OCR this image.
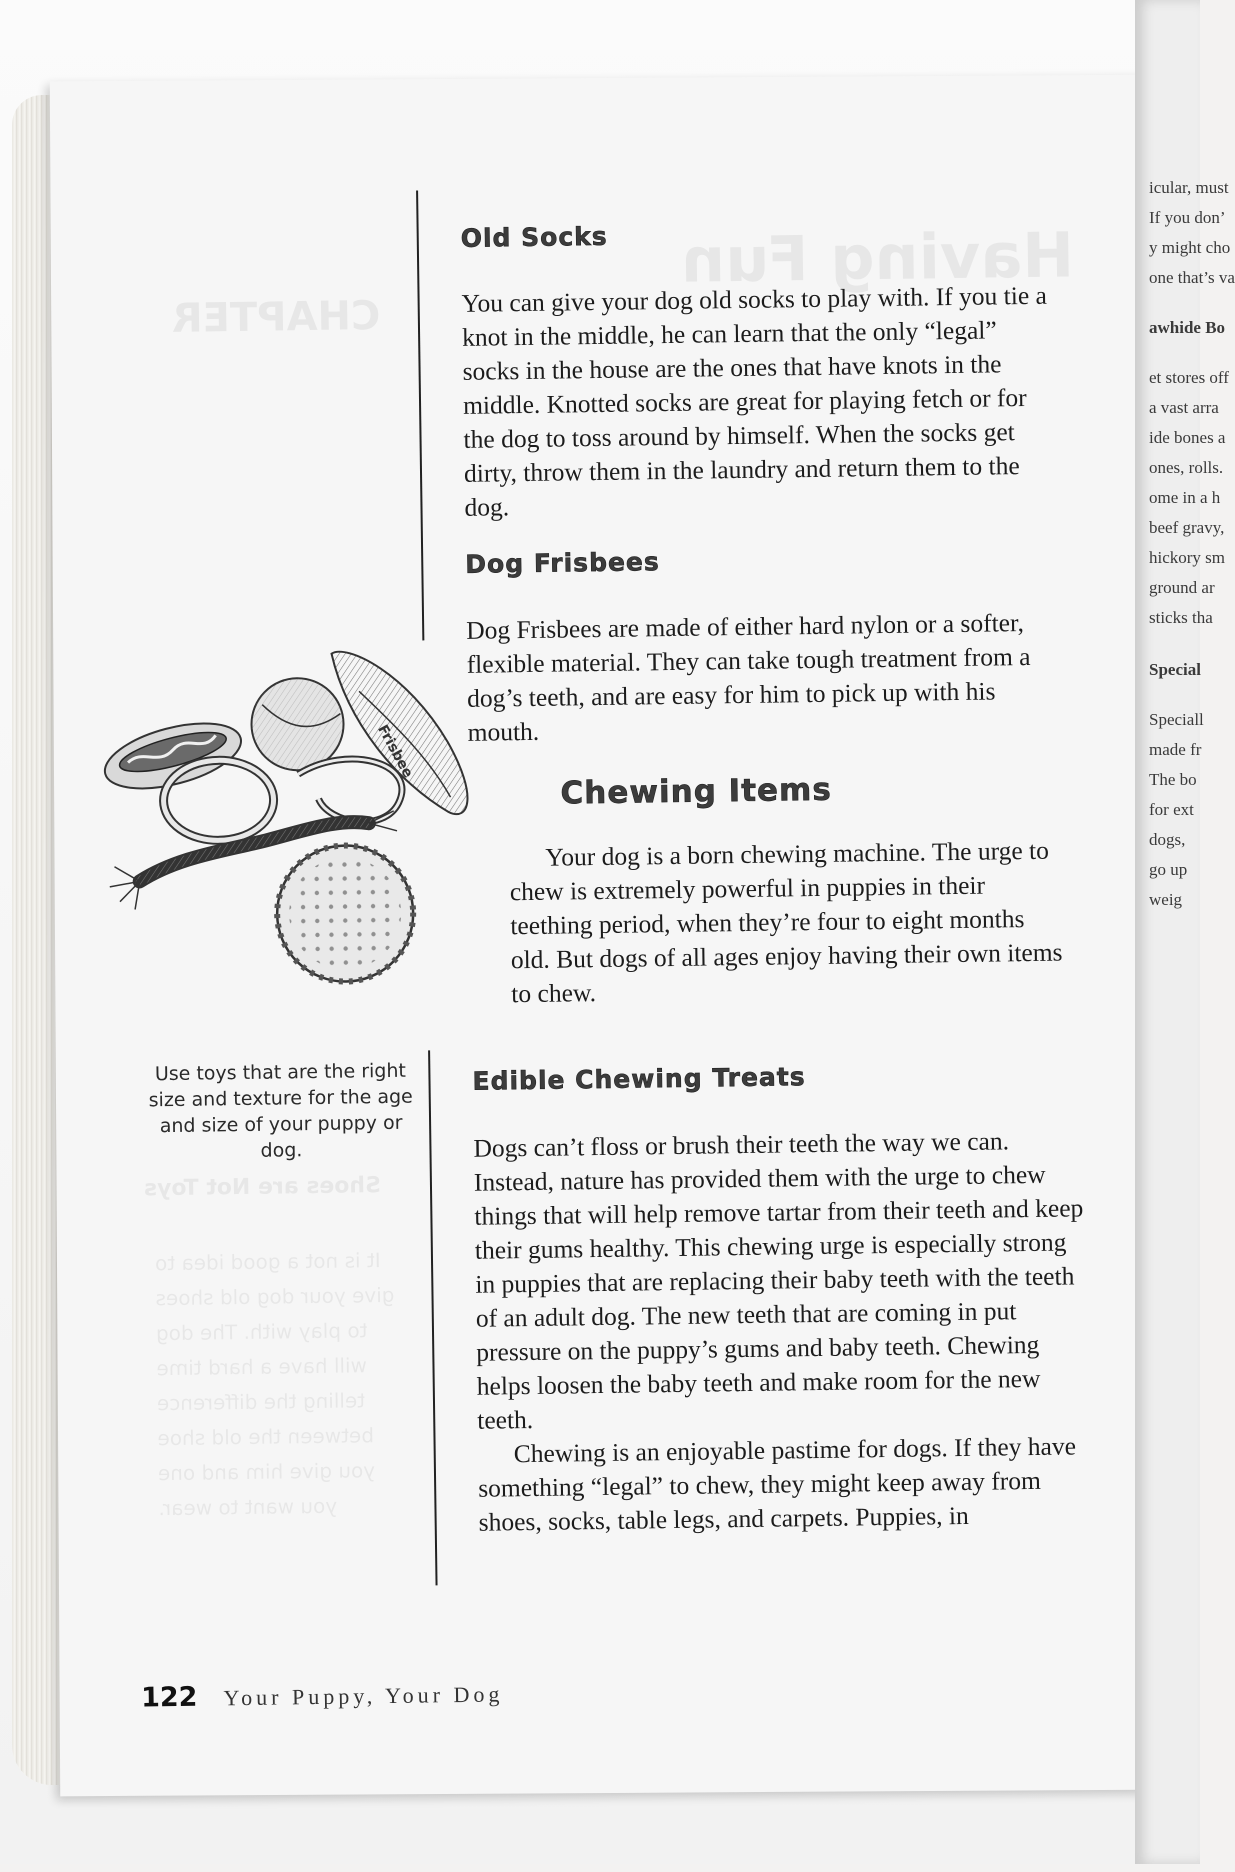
icular, must
If you don’
y might cho
one that’s va
awhide Bo
et stores off
a vast arra
ide bones a
ones, rolls.
ome in a h
beef gravy,
hickory sm
ground ar
sticks tha
Special
Speciall
made fr
The bo
for ext
dogs,
go up
weig
CHAPTER
Having Fun
Shoes are Not Toys
It is not a good idea to give your dog old shoes to play with. The dog will have a hard time telling the difference between the old shoe you give him and one you want to wear.
Old Socks
You can give your dog old socks to play with. If you tie a knot in the middle, he can learn that the only “legal” socks in the house are the ones that have knots in the middle. Knotted socks are great for playing fetch or for the dog to toss around by himself. When the socks get dirty, throw them in the laundry and return them to the dog.
Dog Frisbees
Dog Frisbees are made of either hard nylon or a softer, flexible material. They can take tough treatment from a dog’s teeth, and are easy for him to pick up with his mouth.
Chewing Items
Your dog is a born chewing machine. The urge to chew is extremely powerful in puppies in their teething period, when they’re four to eight months old. But dogs of all ages enjoy having their own items to chew.
Edible Chewing Treats
Dogs can’t floss or brush their teeth the way we can. Instead, nature has provided them with the urge to chew things that will help remove tartar from their teeth and keep their gums healthy. This chewing urge is especially strong in puppies that are replacing their baby teeth with the teeth of an adult dog. The new teeth that are coming in put pressure on the puppy’s gums and baby teeth. Chewing helps loosen the baby teeth and make room for the new teeth.
Chewing is an enjoyable pastime for dogs. If they have something “legal” to chew, they might keep away from shoes, socks, table legs, and carpets. Puppies, in
Frisbee
Use toys that are the right size and texture for the age and size of your puppy or dog.
122 Your Puppy, Your Dog
